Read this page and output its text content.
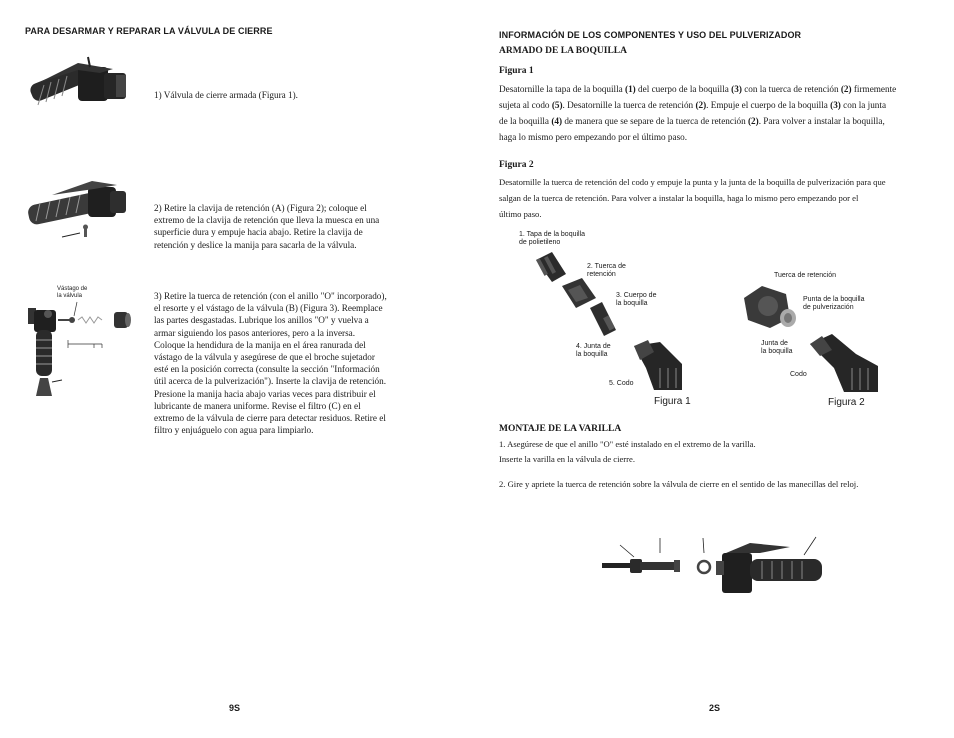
PARA DESARMAR Y REPARAR LA VÁLVULA DE CIERRE
1) Válvula de cierre armada (Figura 1).
2) Retire la clavija de retención (A) (Figura 2); coloque el
extremo de la clavija de retención que lleva la muesca en una
superficie dura y empuje hacia abajo. Retire la clavija de
retención y deslice la manija para sacarla de la válvula.
Vástago de
la válvula	3) Retire la tuerca de retención (con el anillo "O" incorporado),
el resorte y el vástago de la válvula (B) (Figura 3). Reemplace
las partes desgastadas. Lubrique los anillos "O" y vuelva a
armar siguiendo los pasos anteriores, pero a la inversa.
Coloque la hendidura de la manija en el área ranurada del
vástago de la válvula y asegúrese de que el broche sujetador
esté en la posición correcta (consulte la sección "Información
útil acerca de la pulverización"). Inserte la clavija de retención.
Presione la manija hacia abajo varias veces para distribuir el
lubricante de manera uniforme. Revise el filtro (C) en el
extremo de la válvula de cierre para detectar residuos. Retire el
filtro y enjuáguelo con agua para limpiarlo.
9S
INFORMACIÓN DE LOS COMPONENTES Y USO DEL PULVERIZADOR
ARMADO DE LA BOQUILLA
Figura 1
Desatornille la tapa de la boquilla (1) del cuerpo de la boquilla (3) con la tuerca de retención (2) firmemente
sujeta al codo (5). Desatornille la tuerca de retención (2). Empuje el cuerpo de la boquilla (3) con la junta
de la boquilla (4) de manera que se separe de la tuerca de retención (2). Para volver a instalar la boquilla,
haga lo mismo pero empezando por el último paso.
Figura 2
Desatornille la tuerca de retención del codo y empuje la punta y la junta de la boquilla de pulverización para que
salgan de la tuerca de retención. Para volver a instalar la boquilla, haga lo mismo pero empezando por el
último paso.
1. Tapa de la boquilla
de polietileno
2. Tuerca de
retención
3. Cuerpo de
la boquilla
4. Junta de
la boquilla
5. Codo
Figura 1
Tuerca de retención
Punta de la boquilla
de pulverización
Junta de
la boquilla
Codo
Figura 2
MONTAJE DE LA VARILLA
1. Asegúrese de que el anillo "O" esté instalado en el extremo de la varilla.
Inserte la varilla en la válvula de cierre.
2. Gire y apriete la tuerca de retención sobre la válvula de cierre en el sentido de las manecillas del reloj.
2S
